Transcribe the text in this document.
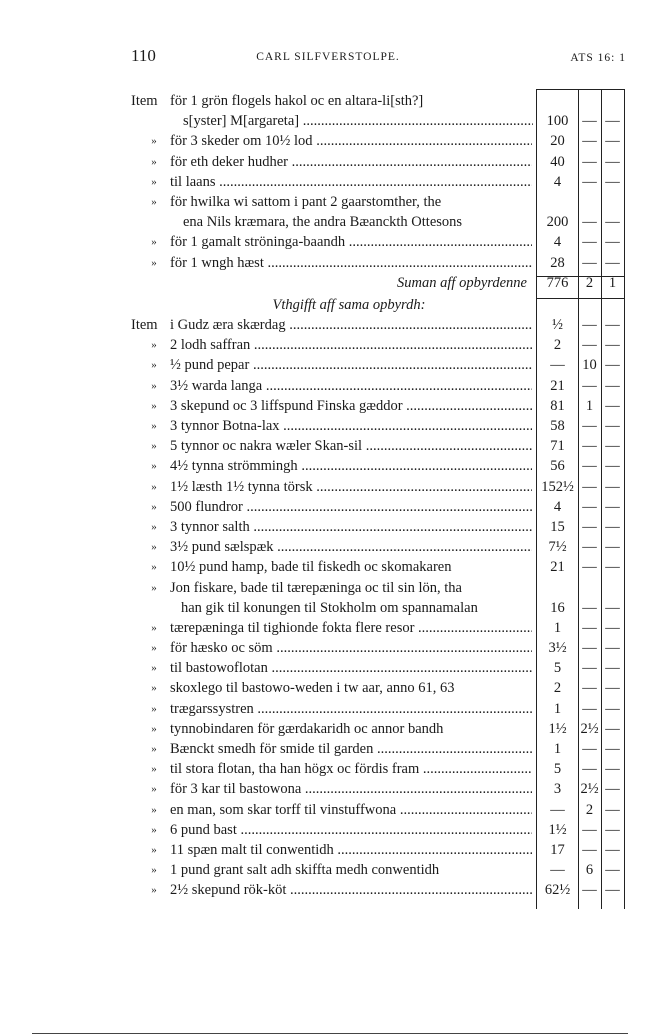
110	CARL SILFVERSTOLPE.	ATS 16: 1
Item för 1 grön flogels hakol oc en altara-li[sth?]
s[yster] M[argareta] .....	100 — —
» för 3 skeder om 10½ lod .....	20	— —
» för eth deker hudher .....	40	— —
» til laans .....	4	— —
» för hwilka wi sattom i pant 2 gaarstomther, the
ena Nils kræmara, the andra Bæanckth Ottesons	200 — —
» för 1 gamalt ströninga-baandh .....	4	— —
» för 1 wngh hæst .....	28	— —
Suman aff opbyrdenne	776	2	1
Vthgifft aff sama opbyrdh:
Item i Gudz æra skærdag .....	½	— —
» 2 lodh saffran .....	2	— —
» ½ pund pepar .....	—	10 —
» 3½ warda langa .....	21	— —
» 3 skepund oc 3 liffspund Finska gæddor .....	81	1 —
» 3 tynnor Botna-lax .....	58	— —
» 5 tynnor oc nakra wæler Skan-sil .....	71	— —
» 4½ tynna strömmingh .....	56	— —
» 1½ læsth 1½ tynna törsk .....	152½ — —
» 500 flundror .....	4	— —
» 3 tynnor salth .....	15	— —
» 3½ pund sælspæk .....	7½	— —
» 10½ pund hamp, bade til fiskedh oc skomakaren	21	— —
» Jon fiskare, bade til tærepæninga oc til sin lön, tha
han gik til konungen til Stokholm om spannamalan	16	— —
» tærepæninga til tighionde fokta flere resor .....	1	— —
» för hæsko oc söm .....	3½	— —
» til bastowoflotan .....	5	— —
» skoxlego til bastowo-weden i tw aar, anno 61, 63	2	— —
» trægarssystren .....	1	— —
» tynnobindaren för gærdakaridh oc annor bandh	1½ 2½ —
» Bænckt smedh för smide til garden .....	1	— —
» til stora flotan, tha han högx oc fördis fram .....	5	— —
» för 3 kar til bastowona .....	3	2½ —
» en man, som skar torff til vinstuffwona .....	—	2 —
» 6 pund bast .....	1½	— —
» 11 spæn malt til conwentidh .....	17	— —
» 1 pund grant salt adh skiffta medh conwentidh	—	6 —
» 2½ skepund rök-köt .....	62½ — —
